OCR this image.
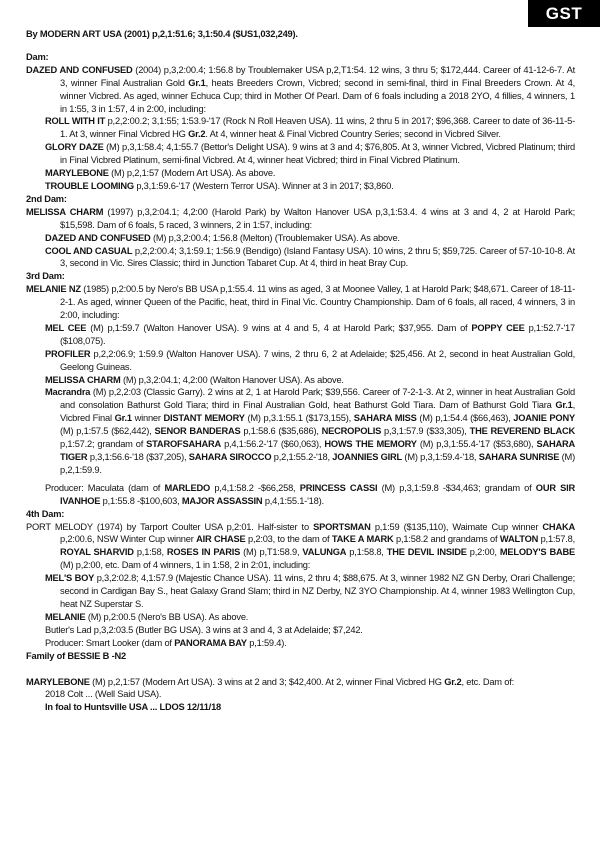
GST
By MODERN ART USA (2001) p,2,1:51.6; 3,1:50.4 ($US1,032,249).
Dam:
DAZED AND CONFUSED (2004) p,3,2:00.4; 1:56.8 by Troublemaker USA p,2,T1:54. 12 wins, 3 thru 5; $172,444. Career of 41-12-6-7. At 3, winner Final Australian Gold Gr.1, heats Breeders Crown, Vicbred; second in semi-final, third in Final Breeders Crown. At 4, winner Vicbred. As aged, winner Echuca Cup; third in Mother Of Pearl. Dam of 6 foals including a 2018 2YO, 4 fillies, 4 winners, 1 in 1:55, 3 in 1:57, 4 in 2:00, including:
ROLL WITH IT p,2,2:00.2; 3,1:55; 1:53.9-'17 (Rock N Roll Heaven USA). 11 wins, 2 thru 5 in 2017; $96,368. Career to date of 36-11-5-1. At 3, winner Final Vicbred HG Gr.2. At 4, winner heat & Final Vicbred Country Series; second in Vicbred Silver.
GLORY DAZE (M) p,3,1:58.4; 4,1:55.7 (Bettor's Delight USA). 9 wins at 3 and 4; $76,805. At 3, winner Vicbred, Vicbred Platinum; third in Final Vicbred Platinum, semi-final Vicbred. At 4, winner heat Vicbred; third in Final Vicbred Platinum.
MARYLEBONE (M) p,2,1:57 (Modern Art USA). As above.
TROUBLE LOOMING p,3,1:59.6-'17 (Western Terror USA). Winner at 3 in 2017; $3,860.
2nd Dam:
MELISSA CHARM (1997) p,3,2:04.1; 4,2:00 (Harold Park) by Walton Hanover USA p,3,1:53.4. 4 wins at 3 and 4, 2 at Harold Park; $15,598. Dam of 6 foals, 5 raced, 3 winners, 2 in 1:57, including:
DAZED AND CONFUSED (M) p,3,2:00.4; 1:56.8 (Melton) (Troublemaker USA). As above.
COOL AND CASUAL p,2,2:00.4; 3,1:59.1; 1:56.9 (Bendigo) (Island Fantasy USA). 10 wins, 2 thru 5; $59,725. Career of 57-10-10-8. At 3, second in Vic. Sires Classic; third in Junction Tabaret Cup. At 4, third in heat Bray Cup.
3rd Dam:
MELANIE NZ (1985) p,2:00.5 by Nero's BB USA p,1:55.4. 11 wins as aged, 3 at Moonee Valley, 1 at Harold Park; $48,671. Career of 18-11-2-1. As aged, winner Queen of the Pacific, heat, third in Final Vic. Country Championship. Dam of 6 foals, all raced, 4 winners, 3 in 2:00, including:
MEL CEE (M) p,1:59.7 (Walton Hanover USA). 9 wins at 4 and 5, 4 at Harold Park; $37,955. Dam of POPPY CEE p,1:52.7-'17 ($108,075).
PROFILER p,2,2:06.9; 1:59.9 (Walton Hanover USA). 7 wins, 2 thru 6, 2 at Adelaide; $25,456. At 2, second in heat Australian Gold, Geelong Guineas.
MELISSA CHARM (M) p,3,2:04.1; 4,2:00 (Walton Hanover USA). As above.
Macrandra (M) p,2,2:03 (Classic Garry). 2 wins at 2, 1 at Harold Park; $39,556. Career of 7-2-1-3. At 2, winner in heat Australian Gold and consolation Bathurst Gold Tiara; third in Final Australian Gold, heat Bathurst Gold Tiara. Dam of Bathurst Gold Tiara Gr.1, Vicbred Final Gr.1 winner DISTANT MEMORY (M) p,3.1:55.1 ($173,155), SAHARA MISS (M) p,1:54.4 ($66,463), JOANIE PONY (M) p,1:57.5 ($62,442), SENOR BANDERAS p,1:58.6 ($35,686), NECROPOLIS p,3,1:57.9 ($33,305), THE REVEREND BLACK p,1:57.2; grandam of STAROFSAHARA p,4,1:56.2-'17 ($60,063), HOWS THE MEMORY (M) p,3,1:55.4-'17 ($53,680), SAHARA TIGER p,3,1:56.6-'18 ($37,205), SAHARA SIROCCO p,2,1:55.2-'18, JOANNIES GIRL (M) p,3,1:59.4-'18, SAHARA SUNRISE (M) p,2,1:59.9.
Producer: Maculata (dam of MARLEDO p,4,1:58.2 -$66,258, PRINCESS CASSI (M) p,3,1:59.8 -$34,463; grandam of OUR SIR IVANHOE p,1:55.8 -$100,603, MAJOR ASSASSIN p,4,1:55.1-'18).
4th Dam:
PORT MELODY (1974) by Tarport Coulter USA p,2:01. Half-sister to SPORTSMAN p,1:59 ($135,110), Waimate Cup winner CHAKA p,2:00.6, NSW Winter Cup winner AIR CHASE p,2:03, to the dam of TAKE A MARK p,1:58.2 and grandams of WALTON p,1:57.8, ROYAL SHARVID p,1:58, ROSES IN PARIS (M) p,T1:58.9, VALUNGA p,1:58.8, THE DEVIL INSIDE p,2:00, MELODY'S BABE (M) p,2:00, etc. Dam of 4 winners, 1 in 1:58, 2 in 2:01, including:
MEL'S BOY p,3,2:02.8; 4,1:57.9 (Majestic Chance USA). 11 wins, 2 thru 4; $88,675. At 3, winner 1982 NZ GN Derby, Orari Challenge; second in Cardigan Bay S., heat Galaxy Grand Slam; third in NZ Derby, NZ 3YO Championship. At 4, winner 1983 Wellington Cup, heat NZ Superstar S.
MELANIE (M) p,2:00.5 (Nero's BB USA). As above.
Butler's Lad p,3,2:03.5 (Butler BG USA). 3 wins at 3 and 4, 3 at Adelaide; $7,242.
Producer: Smart Looker (dam of PANORAMA BAY p,1:59.4).
Family of BESSIE B -N2
MARYLEBONE (M) p,2,1:57 (Modern Art USA). 3 wins at 2 and 3; $42,400. At 2, winner Final Vicbred HG Gr.2, etc. Dam of:
2018 Colt ... (Well Said USA).
In foal to Huntsville USA ... LDOS 12/11/18
